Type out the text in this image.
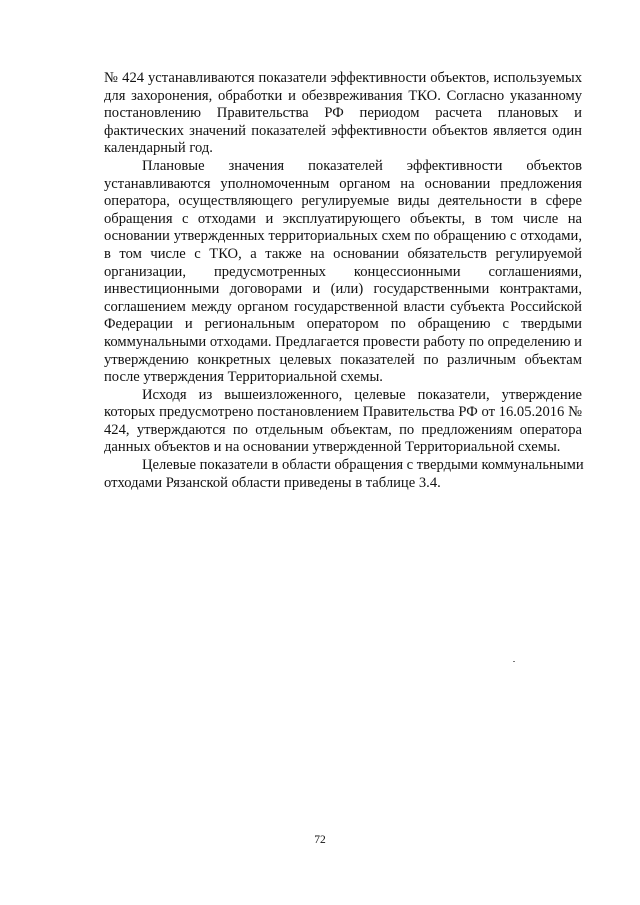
№ 424 устанавливаются показатели эффективности объектов, используемых
для захоронения, обработки и обезвреживания ТКО. Согласно указанному
постановлению Правительства РФ периодом расчета плановых и
фактических значений показателей эффективности объектов является один
календарный год.
Плановые значения показателей эффективности объектов
устанавливаются уполномоченным органом на основании предложения
оператора, осуществляющего регулируемые виды деятельности в сфере
обращения с отходами и эксплуатирующего объекты, в том числе на
основании утвержденных территориальных схем по обращению с отходами,
в том числе с ТКО, а также на основании обязательств регулируемой
организации, предусмотренных концессионными соглашениями,
инвестиционными договорами и (или) государственными контрактами,
соглашением между органом государственной власти субъекта Российской
Федерации и региональным оператором по обращению с твердыми
коммунальными отходами. Предлагается провести работу по определению и
утверждению конкретных целевых показателей по различным объектам
после утверждения Территориальной схемы.
Исходя из вышеизложенного, целевые показатели, утверждение
которых предусмотрено постановлением Правительства РФ от 16.05.2016 №
424, утверждаются по отдельным объектам, по предложениям оператора
данных объектов и на основании утвержденной Территориальной схемы.
Целевые показатели в области обращения с твердыми коммунальными
отходами Рязанской области приведены в таблице 3.4.
72
